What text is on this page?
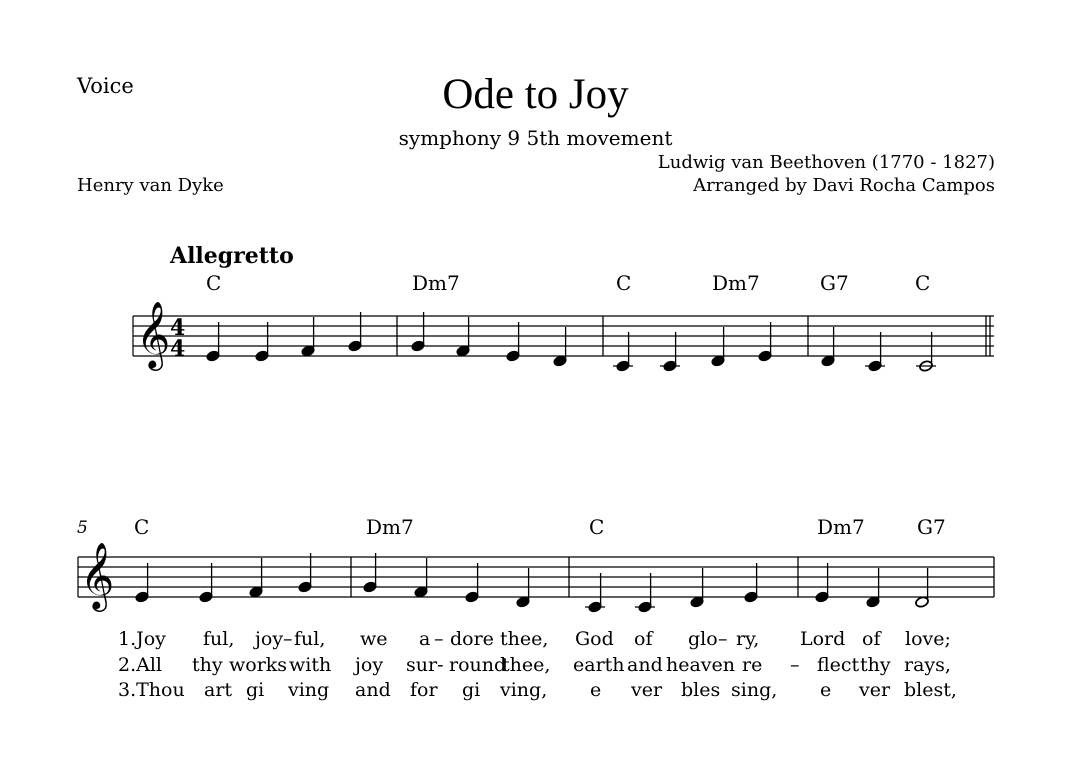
Voice	Ode to Joy
symphony 9 5th movement
Ludwig van Beethoven (1770 - 1827)
Arranged by Davi Rocha Campos
Henry van Dyke
Allegretto
5
C	Dm7	C	Dm7	G7	C
C	Dm7	C	Dm7	G7
1.Joy ful, joy – ful, we a – dore thee, God of glo – ry, Lord of love;
2.All thy works with joy sur- round
thee, earth and heaven re – flect thy rays,
3.Thou art gi ving and for gi ving, e ver bles sing, e ver blest,
𝄞 4
4
𝄞
